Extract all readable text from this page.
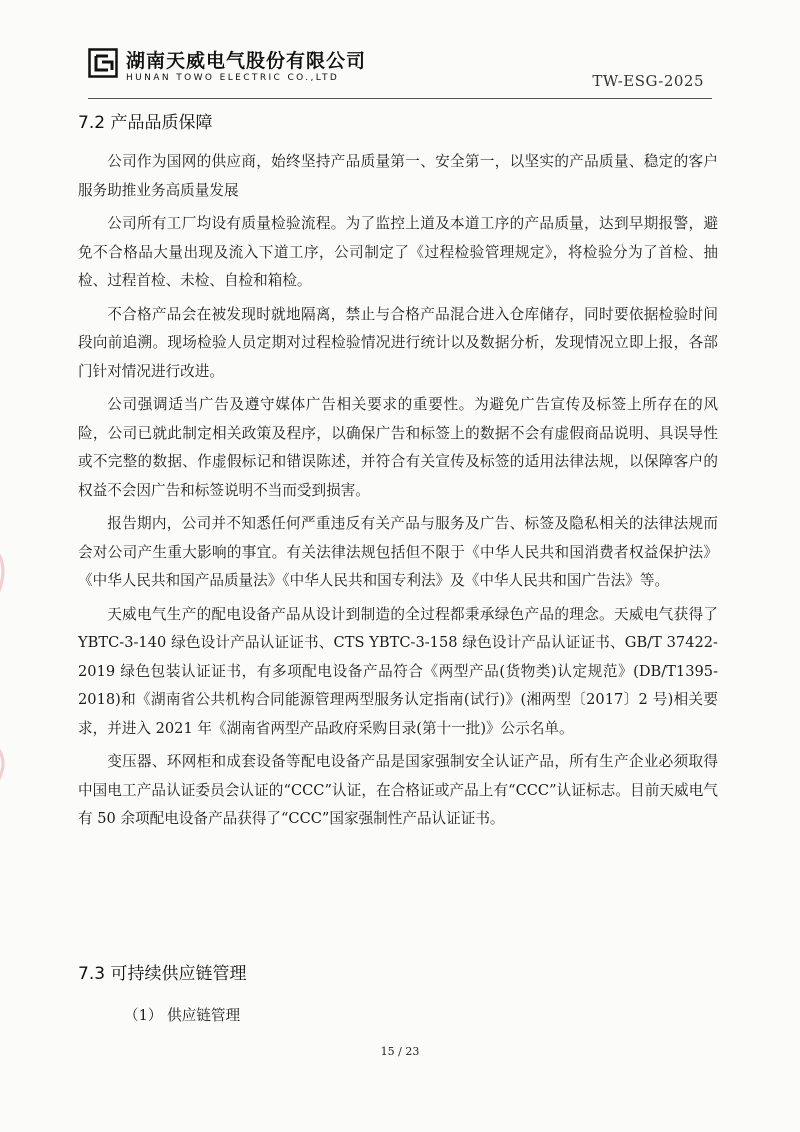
湖南天威电气股份有限公司
HUNAN TOWO ELECTRIC CO.,LTD	TW-ESG-2025
7.2 产品品质保障

公司作为国网的供应商，始终坚持产品质量第一、安全第一，以坚实的产品质量、稳定的客户服务助推业务高质量发展

公司所有工厂均设有质量检验流程。为了监控上道及本道工序的产品质量，达到早期报警，避免不合格品大量出现及流入下道工序，公司制定了《过程检验管理规定》，将检验分为了首检、抽检、过程首检、未检、自检和箱检。

不合格产品会在被发现时就地隔离，禁止与合格产品混合进入仓库储存，同时要依据检验时间段向前追溯。现场检验人员定期对过程检验情况进行统计以及数据分析，发现情况立即上报，各部门针对情况进行改进。

公司强调适当广告及遵守媒体广告相关要求的重要性。为避免广告宣传及标签上所存在的风险，公司已就此制定相关政策及程序，以确保广告和标签上的数据不会有虚假商品说明、具误导性或不完整的数据、作虚假标记和错误陈述，并符合有关宣传及标签的适用法律法规，以保障客户的权益不会因广告和标签说明不当而受到损害。

报告期内，公司并不知悉任何严重违反有关产品与服务及广告、标签及隐私相关的法律法规而会对公司产生重大影响的事宜。有关法律法规包括但不限于《中华人民共和国消费者权益保护法》《中华人民共和国产品质量法》《中华人民共和国专利法》及《中华人民共和国广告法》等。

天威电气生产的配电设备产品从设计到制造的全过程都秉承绿色产品的理念。天威电气获得了 YBTC-3-140 绿色设计产品认证证书、CTS YBTC-3-158 绿色设计产品认证证书、GB/T 37422-2019 绿色包装认证证书，有多项配电设备产品符合《两型产品(货物类)认定规范》(DB/T1395-2018)和《湖南省公共机构合同能源管理两型服务认定指南(试行)》(湘两型〔2017〕2 号)相关要求，并进入 2021 年《湖南省两型产品政府采购目录(第十一批)》公示名单。

变压器、环网柜和成套设备等配电设备产品是国家强制安全认证产品，所有生产企业必须取得中国电工产品认证委员会认证的“CCC”认证，在合格证或产品上有“CCC”认证标志。目前天威电气有 50 余项配电设备产品获得了“CCC”国家强制性产品认证证书。

7.3 可持续供应链管理
（1） 供应链管理
15 / 23
